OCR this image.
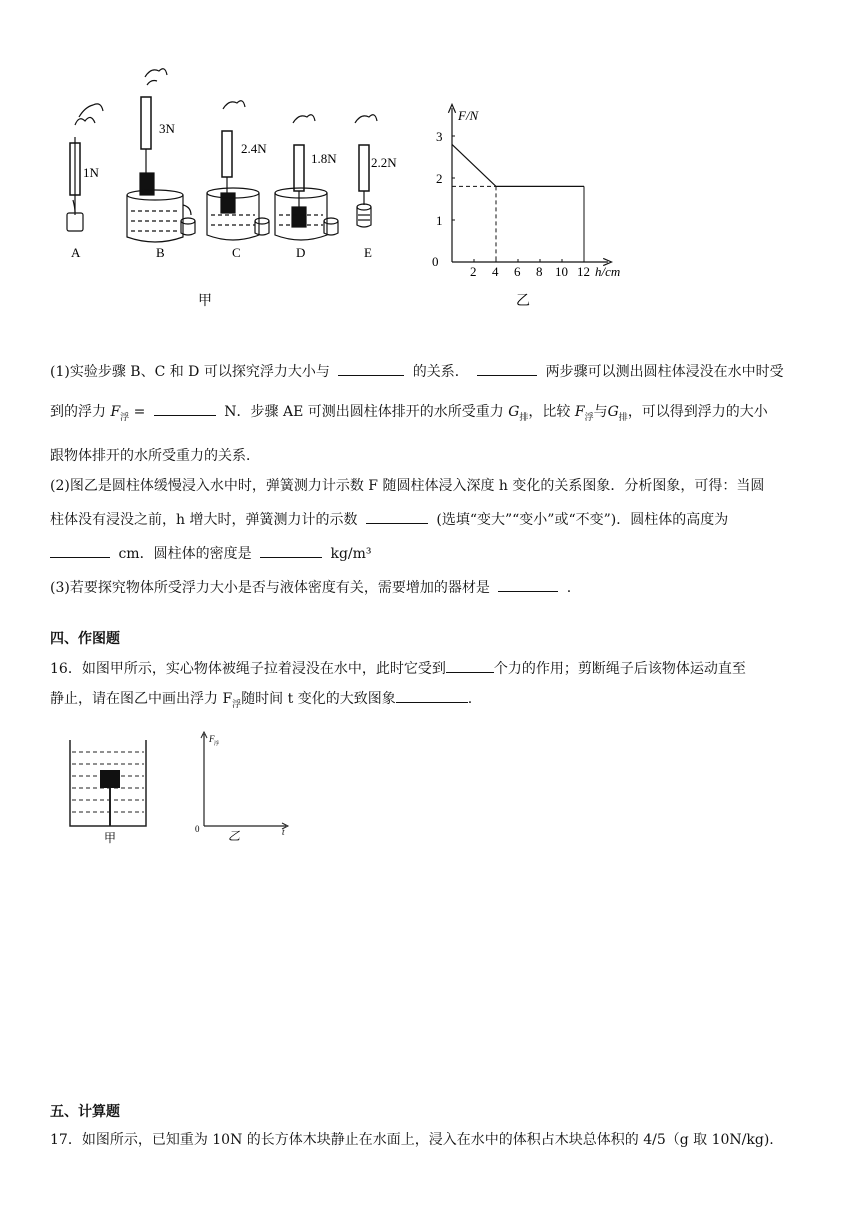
1N
3N
2.4N
1.8N	2.2N
A	B	C	D	E
甲
2 4 6 8 10 12
1
2
3
F/N
h/cm
0
乙
(1)实验步骤 B、C 和 D 可以探究浮力大小与	的关系．	两步骤可以测出圆柱体浸没在水中时受
到的浮力 $F_浮$ =	N．步骤 AE 可测出圆柱体排开的水所受重力 $G_排$，比较 $F_浮$与$G_排$，可以得到浮力的大小
跟物体排开的水所受重力的关系．
(2)图乙是圆柱体缓慢浸入水中时，弹簧测力计示数 F 随圆柱体浸入深度 h 变化的关系图象．分析图象，可得：当圆
柱体没有浸没之前，h 增大时，弹簧测力计的示数	(选填“变大”“变小”或“不变”)．圆柱体的高度为
cm．圆柱体的密度是	kg/m³
(3)若要探究物体所受浮力大小是否与液体密度有关，需要增加的器材是	.
四、作图题
16．如图甲所示，实心物体被绳子拉着浸没在水中，此时它受到	个力的作用；剪断绳子后该物体运动直至
静止，请在图乙中画出浮力 $F_浮$随时间 t 变化的大致图象	.
甲	乙
F
浮
t
0
五、计算题
17．如图所示，已知重为 10N 的长方体木块静止在水面上，浸入在水中的体积占木块总体积的 4/5（g 取 10N/kg).
